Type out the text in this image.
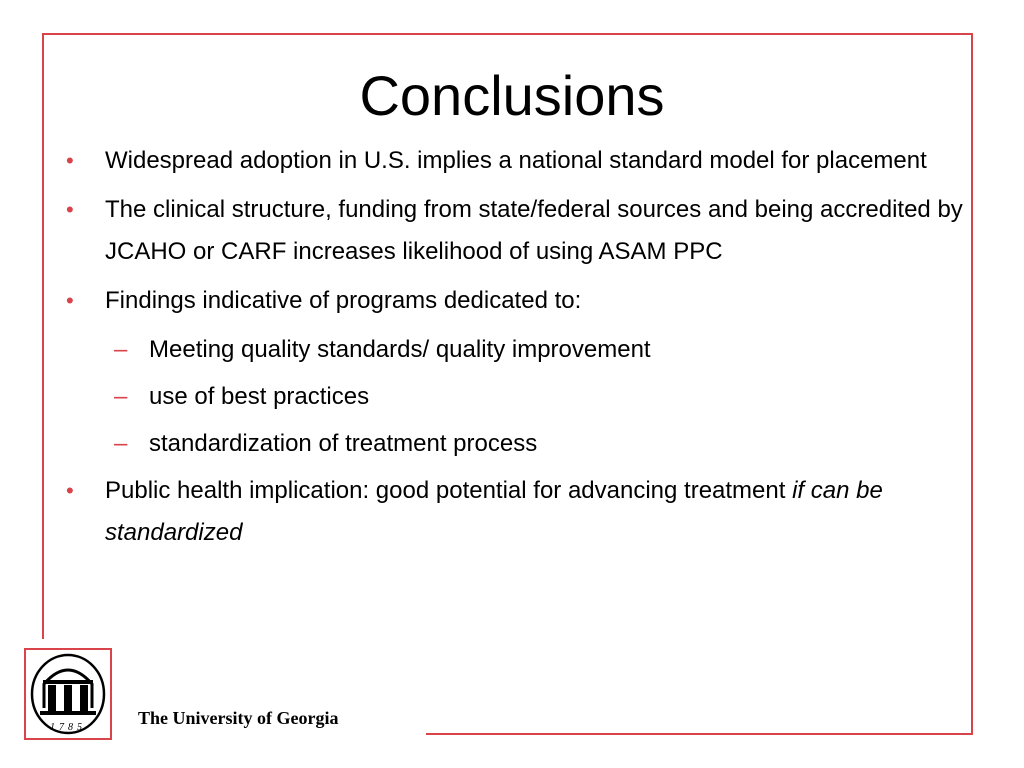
Conclusions
•	Widespread adoption in U.S. implies a national standard model for placement
•	The clinical structure, funding from state/federal sources and being accredited by JCAHO or CARF increases likelihood of using ASAM PPC
•	Findings indicative of programs dedicated to:
– Meeting quality standards/ quality improvement
– use of best practices
– standardization of treatment process
•	Public health implication: good potential for advancing treatment if can be standardized
1785	The University of Georgia
